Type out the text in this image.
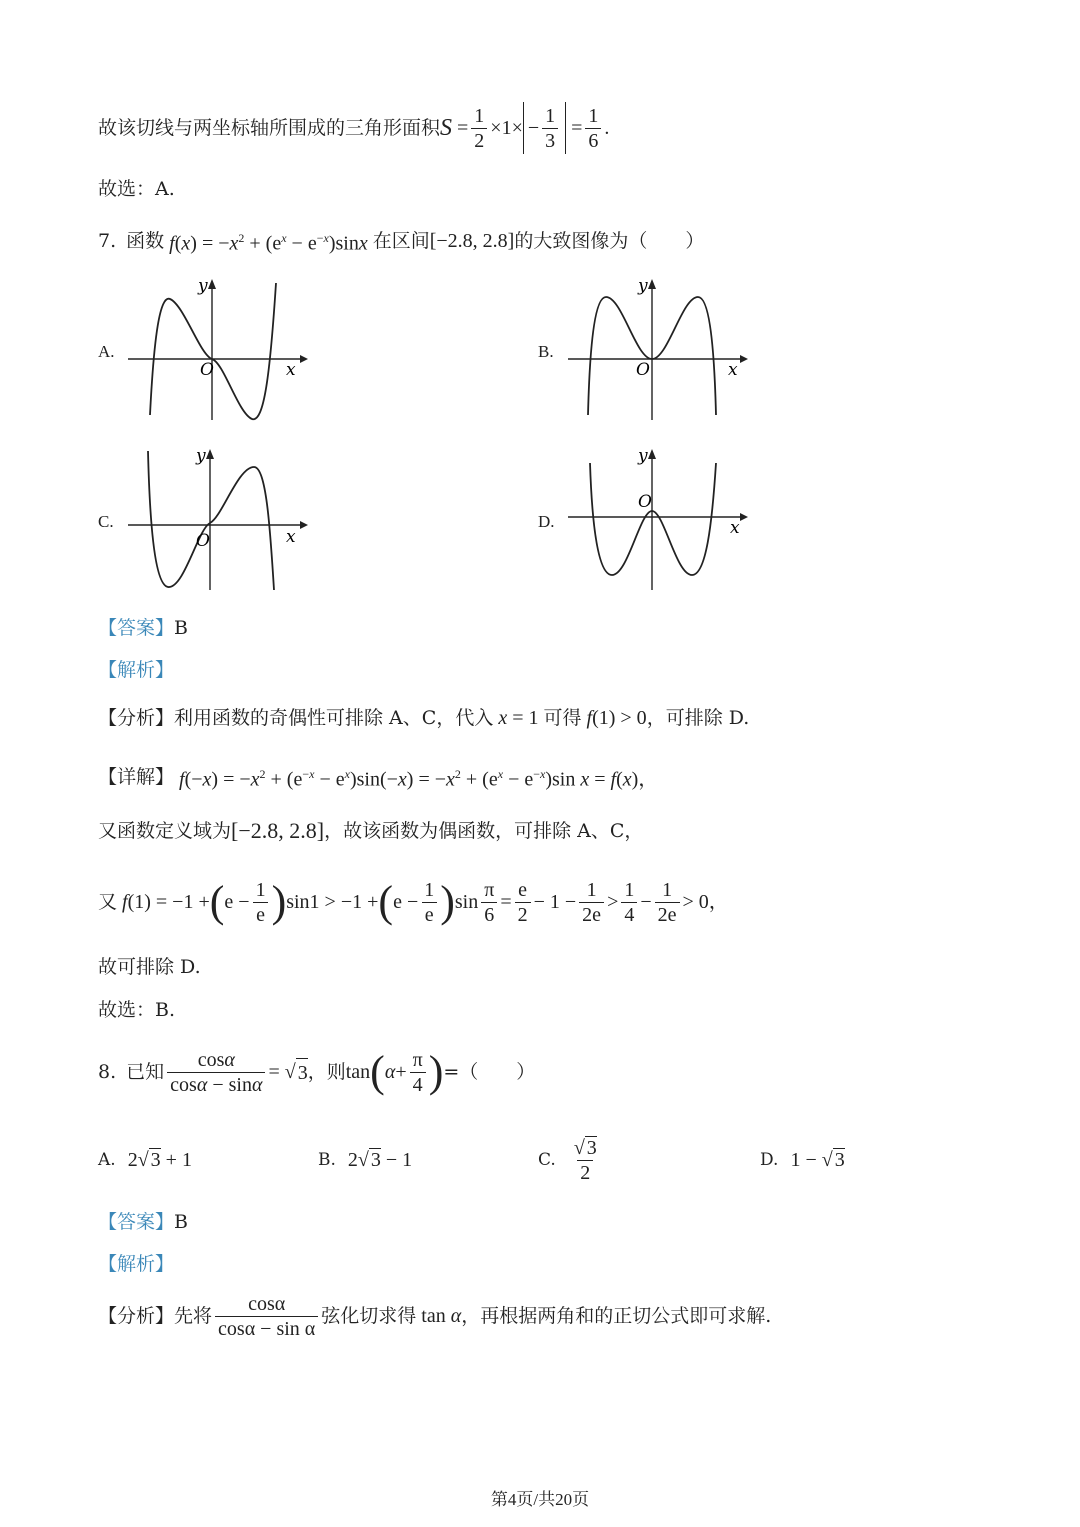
故该切线与两坐标轴所围成的三角形面积 $S = \frac{1}{2} \times 1\times - \frac{1}{3} = \frac{1}{6}$ .
故选：A.
7. 函数 $f(x) = -x^2 + (e^x - e^{-x})\sin x$ 在区间 [−2.8, 2.8] 的大致图像为（　　）
A.	B.
C.	D.
O	x
y
O	x
y
O	x
y
O
x
y
【答案】 B
【解析】
【分析】 利用函数的奇偶性可排除 A、C，代入 x = 1 可得 f(1) > 0 ，可排除 D.
【详解】 $f(-x) = -x^2 + (e^{-x} - e^x)\sin(-x) = -x^2 + (e^x - e^{-x})\sin$ x = f(x)，
又函数定义域为 [−2.8, 2.8] ，故该函数为偶函数，可排除 A、C，
又
f (1) = −1 + ( $e - \frac{1}{e}$ ) sin1 > −1 + ( $e - \frac{1}{e}$ ) $\sin \frac{\pi}{6} = \frac{e}{2} - 1 - \frac{1}{2e} > \frac{1}{4} - \frac{1}{2e} > 0$，
故可排除 D.
故选：B.
8. 已知 $\frac{\cos\alpha}{\cos\alpha - \sin\alpha}$ = √ 3 ，则 tan ( $\alpha + \frac{\pi}{4}$ ) =（　　）
A. 2√ 3 + 1	B. 2√ 3 − 1	C. $\frac{√ 3}{2}$	D. 1 − √ 3
【答案】 B
【解析】
【分析】 先将 $\frac{\cos\alpha}{\text{cosα − sin α}}$ 弦化切求得 tan α ，再根据两角和的正切公式即可求解.
第4页/共20页
